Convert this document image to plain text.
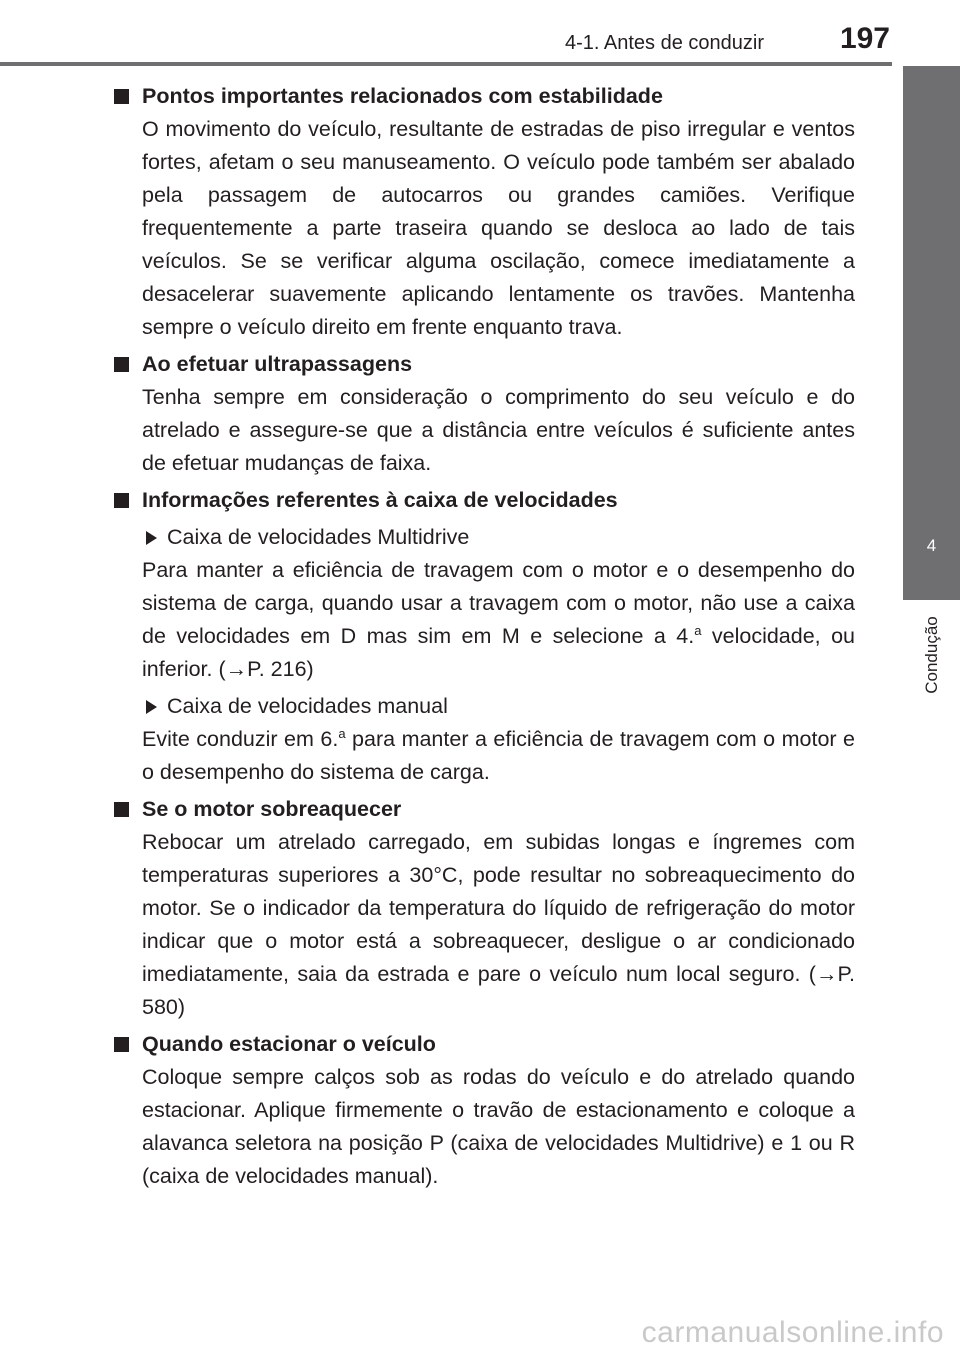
4-1. Antes de conduzir	197
4
Condução
Pontos importantes relacionados com estabilidade
O movimento do veículo, resultante de estradas de piso irregular e ventos fortes, afetam o seu manuseamento. O veículo pode também ser abalado pela passagem de autocarros ou grandes camiões. Verifique frequentemente a parte traseira quando se desloca ao lado de tais veículos. Se se verificar alguma oscilação, comece imediatamente a desacelerar suavemente aplicando lentamente os travões. Mantenha sempre o veículo direito em frente enquanto trava.
Ao efetuar ultrapassagens
Tenha sempre em consideração o comprimento do seu veículo e do atrelado e assegure-se que a distância entre veículos é suficiente antes de efetuar mudanças de faixa.
Informações referentes à caixa de velocidades
Caixa de velocidades Multidrive
Para manter a eficiência de travagem com o motor e o desempenho do sistema de carga, quando usar a travagem com o motor, não use a caixa de velocidades em D mas sim em M e selecione a 4.$^a$ velocidade, ou inferior. (→P. 216)
Caixa de velocidades manual
Evite conduzir em 6.$^a$ para manter a eficiência de travagem com o motor e o desempenho do sistema de carga.
Se o motor sobreaquecer
Rebocar um atrelado carregado, em subidas longas e íngremes com temperaturas superiores a 30°C, pode resultar no sobreaquecimento do motor. Se o indicador da temperatura do líquido de refrigeração do motor indicar que o motor está a sobreaquecer, desligue o ar condicionado imediatamente, saia da estrada e pare o veículo num local seguro. (→P. 580)
Quando estacionar o veículo
Coloque sempre calços sob as rodas do veículo e do atrelado quando estacionar. Aplique firmemente o travão de estacionamento e coloque a alavanca seletora na posição P (caixa de velocidades Multidrive) e 1 ou R (caixa de velocidades manual).
carmanualsonline.info
